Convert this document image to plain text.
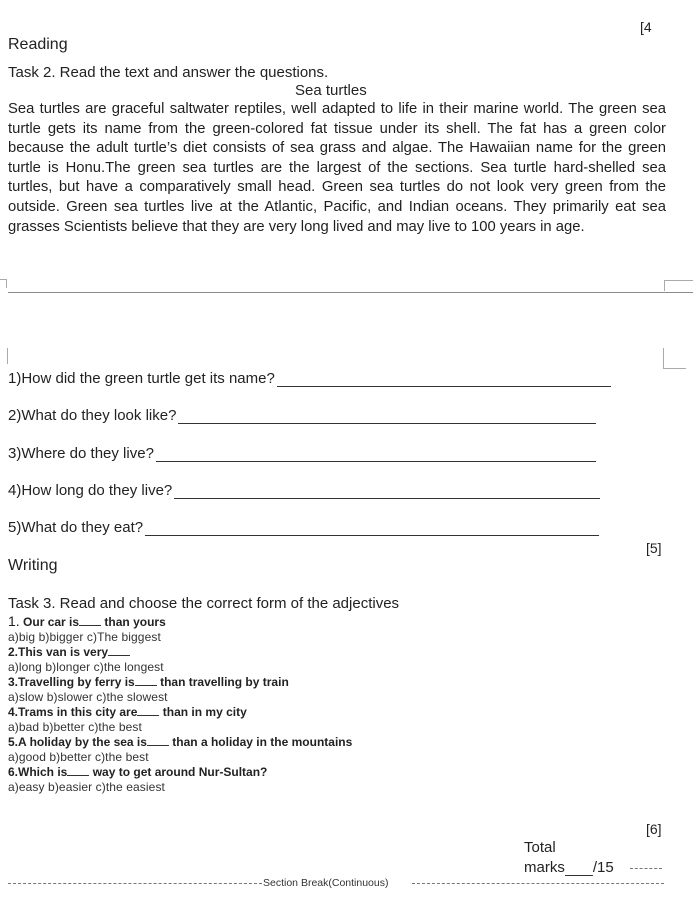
[4
Reading
Task 2. Read the text and answer the questions.
Sea turtles
Sea turtles are graceful saltwater reptiles, well adapted to life in their marine world. The green sea turtle gets its name from the green-colored fat tissue under its shell. The fat has a green color because the adult turtle’s diet consists of sea grass and algae. The Hawaiian name for the green turtle is Honu.The green sea turtles are the largest of the sections. Sea turtle hard-shelled sea turtles, but have a comparatively small head. Green sea turtles do not look very green from the outside. Green sea turtles live at the Atlantic, Pacific, and Indian oceans. They primarily eat sea grasses Scientists believe that they are very long lived and may live to 100 years in age.
1)How did the green turtle get its name?
2)What do they look like?
3)Where do they live?
4)How long do they live?
5)What do they eat?
[5]
Writing
Task 3. Read and choose the correct form of the adjectives
1. Our car is than yours
a)big b)bigger c)The biggest
2.This van is very
a)long b)longer c)the longest
3.Travelling by ferry is than travelling by train
a)slow b)slower c)the slowest
4.Trams in this city are than in my city
a)bad b)better c)the best
5.A holiday by the sea is than a holiday in the mountains
a)good b)better c)the best
6.Which is way to get around Nur-Sultan?
a)easy b)easier c)the easiest
[6]
Total
marks /15
Section Break(Continuous)
